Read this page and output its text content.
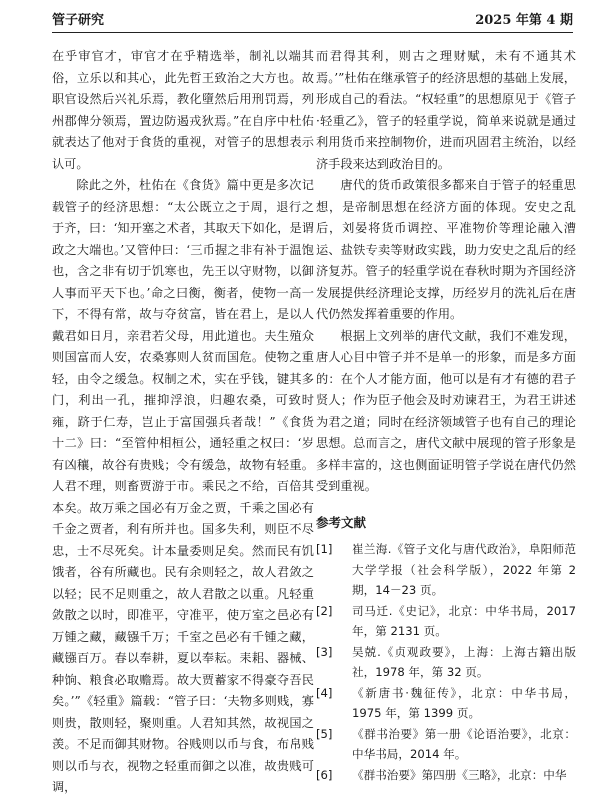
管子研究	2025 年第 4 期

在乎审官才，审官才在乎精选举，制礼以端其俗，立乐以和其心，此先哲王致治之大方也。故职官设然后兴礼乐焉，教化墮然后用刑罚焉，列州郡俾分领焉，置边防遏戎狄焉。”在自序中杜佑就表达了他对于食货的重视，对管子的思想表示认可。

除此之外，杜佑在《食货》篇中更是多次记载管子的经济思想：“太公既立之于周，退行之于齐，曰：‘知开塞之术者，其取天下如化，是谓政之大端也。’又管仲曰：‘三币握之非有补于温饱也，含之非有切于饥寒也，先王以守财物，以御人事而平天下也。’命之曰衡，衡者，使物一高一下，不得有常，故与夺贫富，皆在君上，是以人戴君如日月，亲君若父母，用此道也。夫生殖众则国富而人安，农桑寡则人贫而国危。使物之重轻，由令之缓急。权制之术，实在乎钱，键其多门，利出一孔，摧抑浮浪，归趣农桑，可致时雍，跻于仁寿，岂止于富国强兵者哉！”《食货十二》曰：“至管仲相桓公，通轻重之权曰：‘岁有凶穰，故谷有贵贱；令有缓急，故物有轻重。人君不理，则畜贾游于市。乘民之不给，百倍其本矣。故万乘之国必有万金之贾，千乘之国必有千金之贾者，利有所并也。国多失利，则臣不尽忠，士不尽死矣。计本量委则足矣。然而民有饥饿者，谷有所藏也。民有余则轻之，故人君敛之以轻；民不足则重之，故人君散之以重。凡轻重敛散之以时，即准平，守准平，使万室之邑必有万锺之藏，藏镪千万；千室之邑必有千锺之藏，藏镪百万。春以奉耕，夏以奉耘。耒耜、器械、种饷、粮食必取赡焉。故大贾蓄家不得豪夺吾民矣。’”《轻重》篇载：“管子曰：‘夫物多则贱，寡则贵，散则轻，聚则重。人君知其然，故视国之羡。不足而御其财物。谷贱则以币与食，布帛贱则以币与衣，视物之轻重而御之以准，故贵贱可调，

而君得其利，则古之理财赋，未有不通其术焉。’”杜佑在继承管子的经济思想的基础上发展，形成自己的看法。“权轻重”的思想原见于《管子·轻重乙》，管子的轻重学说，简单来说就是通过利用货币来控制物价，进而巩固君主统治，以经济手段来达到政治目的。

唐代的货币政策很多都来自于管子的轻重思想，是帝制思想在经济方面的体现。安史之乱后，刘晏将货币调控、平准物价等理论融入漕运、盐铁专卖等财政实践，助力安史之乱后的经济复苏。管子的轻重学说在春秋时期为齐国经济发展提供经济理论支撑，历经岁月的洗礼后在唐代仍然发挥着重要的作用。

根据上文列举的唐代文献，我们不难发现，唐人心目中管子并不是单一的形象，而是多方面的：在个人才能方面，他可以是有才有德的君子贤人；作为臣子他会及时劝谏君王，为君王讲述为君之道；同时在经济领域管子也有自己的理论思想。总而言之，唐代文献中展现的管子形象是多样丰富的，这也侧面证明管子学说在唐代仍然受到重视。

参考文献
[1]	崔兰海.《管子文化与唐代政治》，阜阳师范大学学报（社会科学版），2022 年第 2 期，14－23 页。
[2]	司马迁.《史记》，北京：中华书局，2017 年，第 2131 页。
[3]	吴兢.《贞观政要》，上海：上海古籍出版社，1978 年，第 32 页。
[4]	《新唐书·魏征传》，北京：中华书局，1975 年，第 1399 页。
[5]	《群书治要》第一册《论语治要》，北京：中华书局，2014 年。
[6]	《群书治要》第四册《三略》，北京：中华
